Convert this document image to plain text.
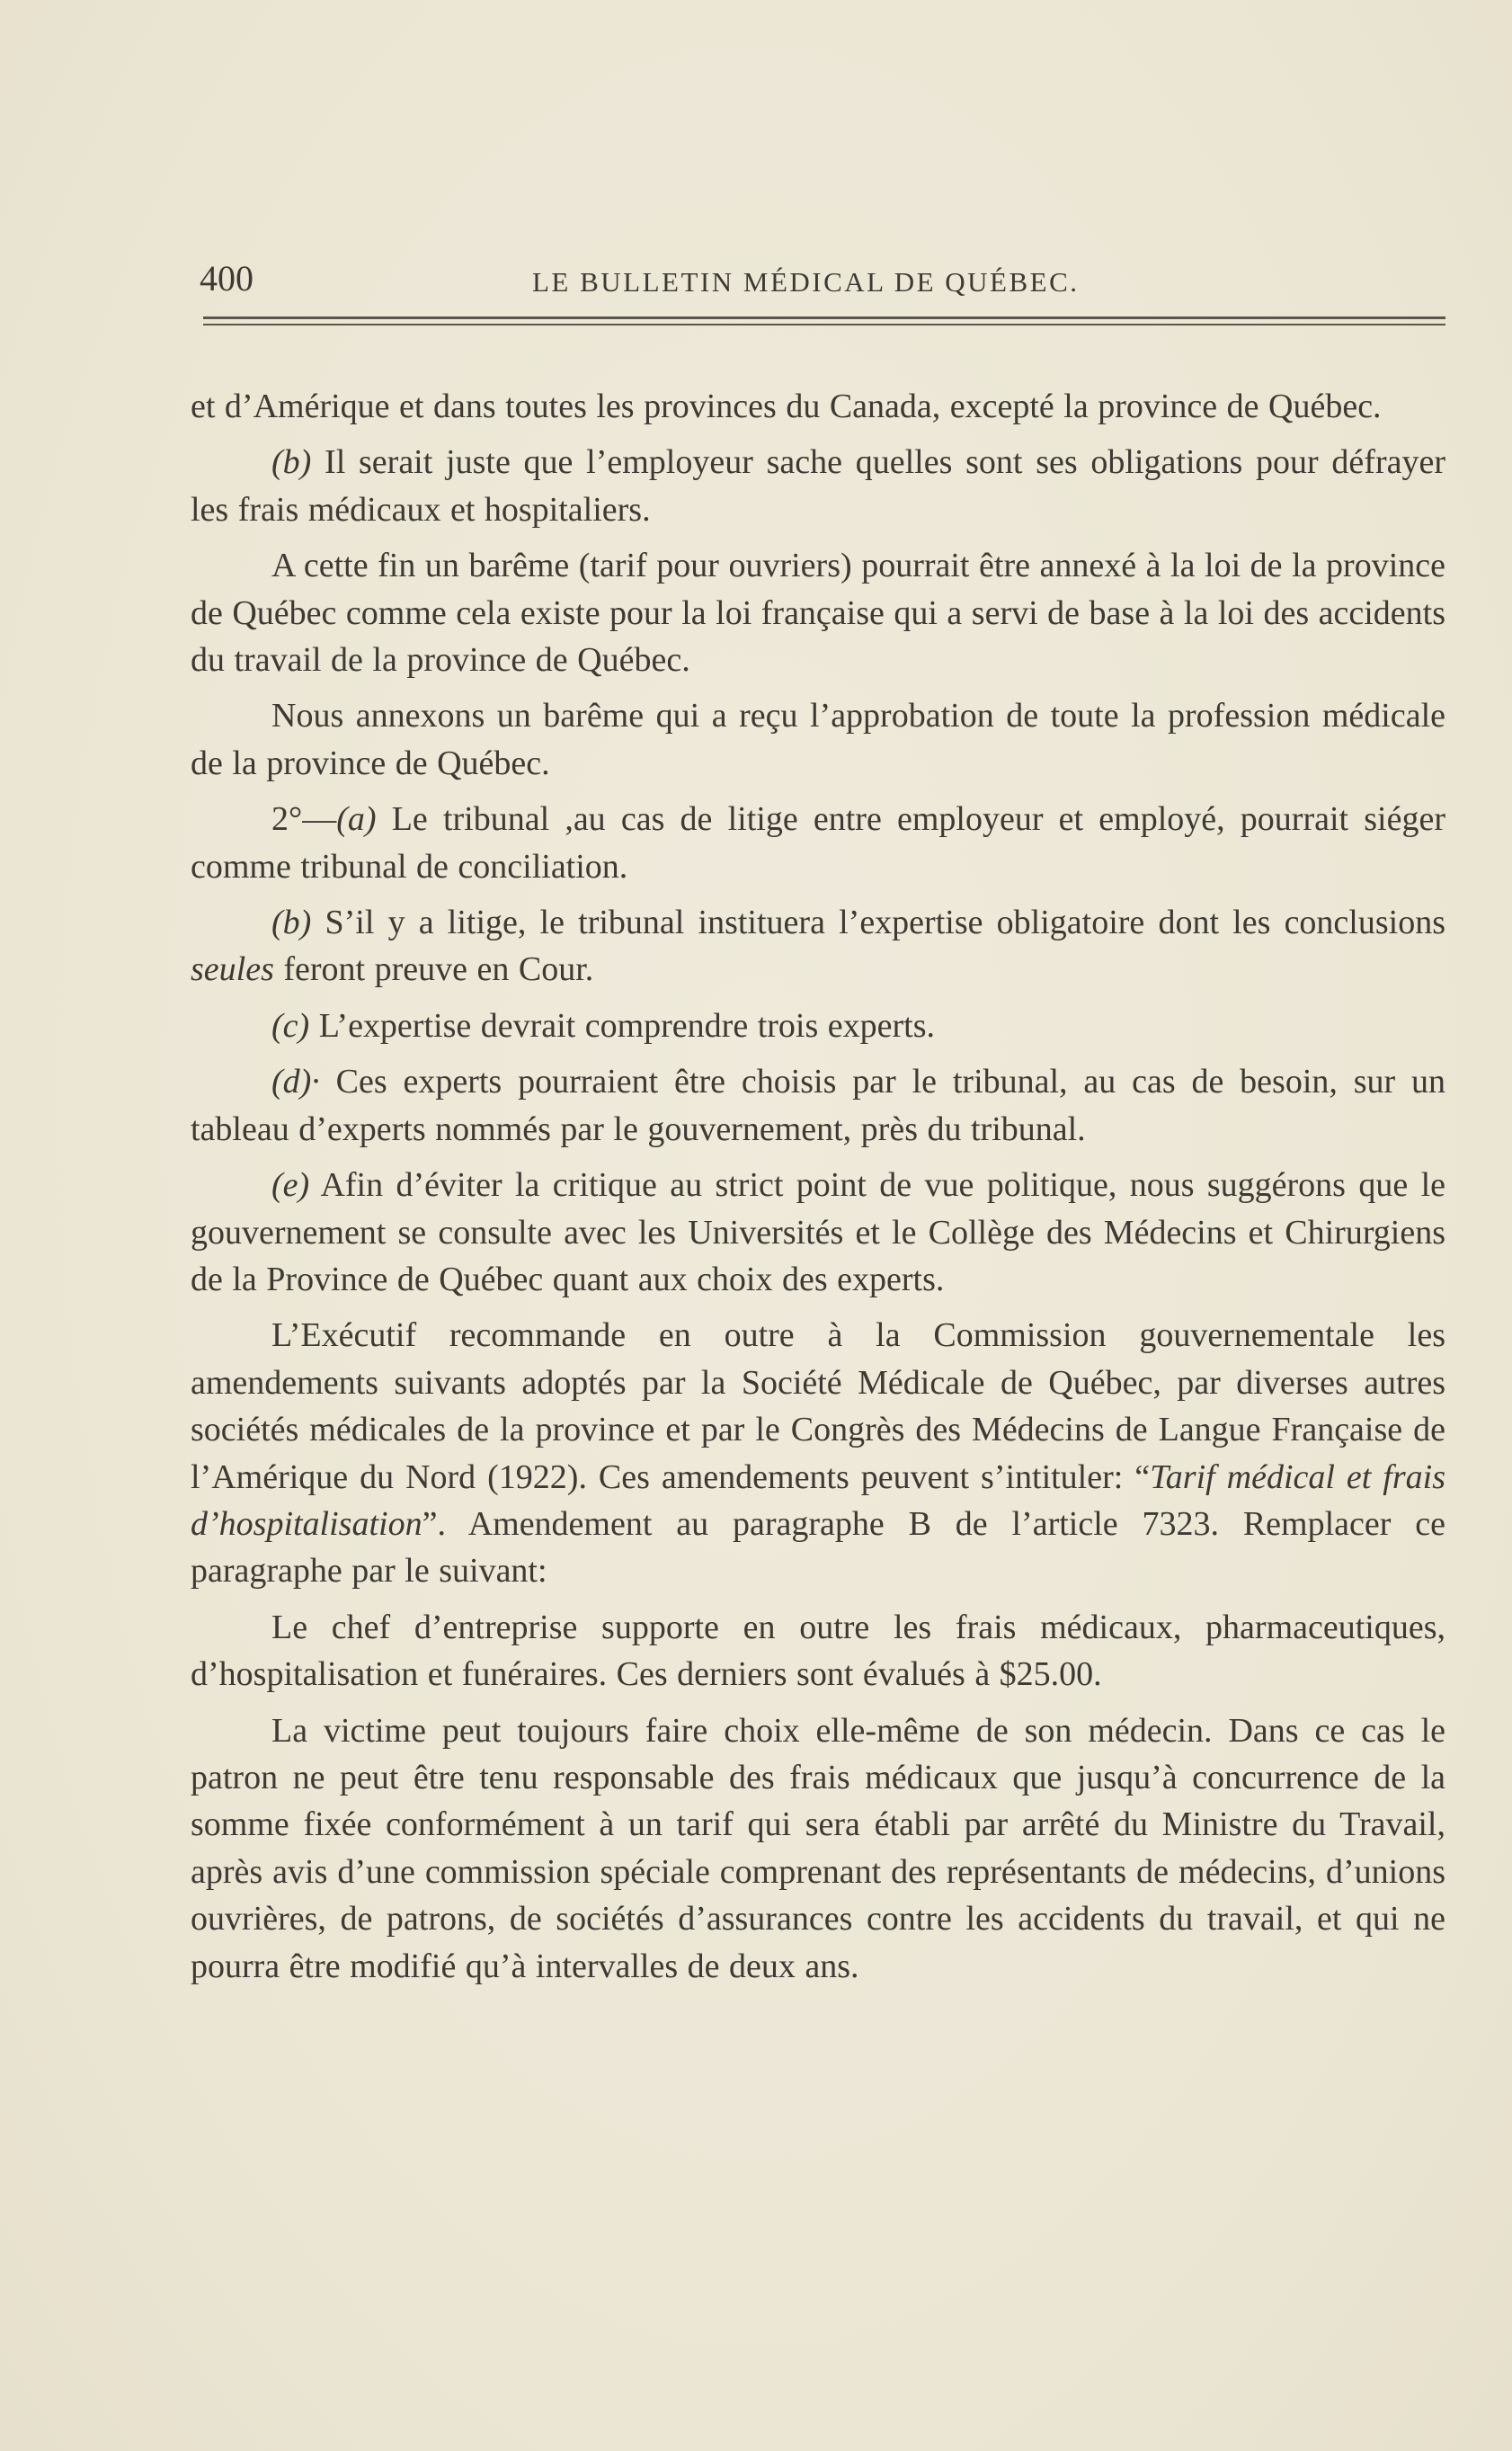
400	LE BULLETIN MÉDICAL DE QUÉBEC.

et d’Amérique et dans toutes les provinces du Canada, excepté la province de Québec.

(b) Il serait juste que l’employeur sache quelles sont ses obligations pour défrayer les frais médicaux et hospitaliers.

A cette fin un barême (tarif pour ouvriers) pourrait être annexé à la loi de la province de Québec comme cela existe pour la loi française qui a servi de base à la loi des accidents du travail de la province de Québec.

Nous annexons un barême qui a reçu l’approbation de toute la profession médicale de la province de Québec.

2°—(a) Le tribunal ,au cas de litige entre employeur et employé, pourrait siéger comme tribunal de conciliation.

(b) S’il y a litige, le tribunal instituera l’expertise obligatoire dont les conclusions seules feront preuve en Cour.

(c) L’expertise devrait comprendre trois experts.

(d)· Ces experts pourraient être choisis par le tribunal, au cas de besoin, sur un tableau d’experts nommés par le gouvernement, près du tribunal.

(e) Afin d’éviter la critique au strict point de vue politique, nous suggérons que le gouvernement se consulte avec les Universités et le Collège des Médecins et Chirurgiens de la Province de Québec quant aux choix des experts.

L’Exécutif recommande en outre à la Commission gouvernementale les amendements suivants adoptés par la Société Médicale de Québec, par diverses autres sociétés médicales de la province et par le Congrès des Médecins de Langue Française de l’Amérique du Nord (1922). Ces amendements peuvent s’intituler: “Tarif médical et frais d’hospitalisation”. Amendement au paragraphe B de l’article 7323. Remplacer ce paragraphe par le suivant:

Le chef d’entreprise supporte en outre les frais médicaux, pharmaceutiques, d’hospitalisation et funéraires. Ces derniers sont évalués à $25.00.

La victime peut toujours faire choix elle-même de son médecin. Dans ce cas le patron ne peut être tenu responsable des frais médicaux que jusqu’à concurrence de la somme fixée conformément à un tarif qui sera établi par arrêté du Ministre du Travail, après avis d’une commission spéciale comprenant des représentants de médecins, d’unions ouvrières, de patrons, de sociétés d’assurances contre les accidents du travail, et qui ne pourra être modifié qu’à intervalles de deux ans.
